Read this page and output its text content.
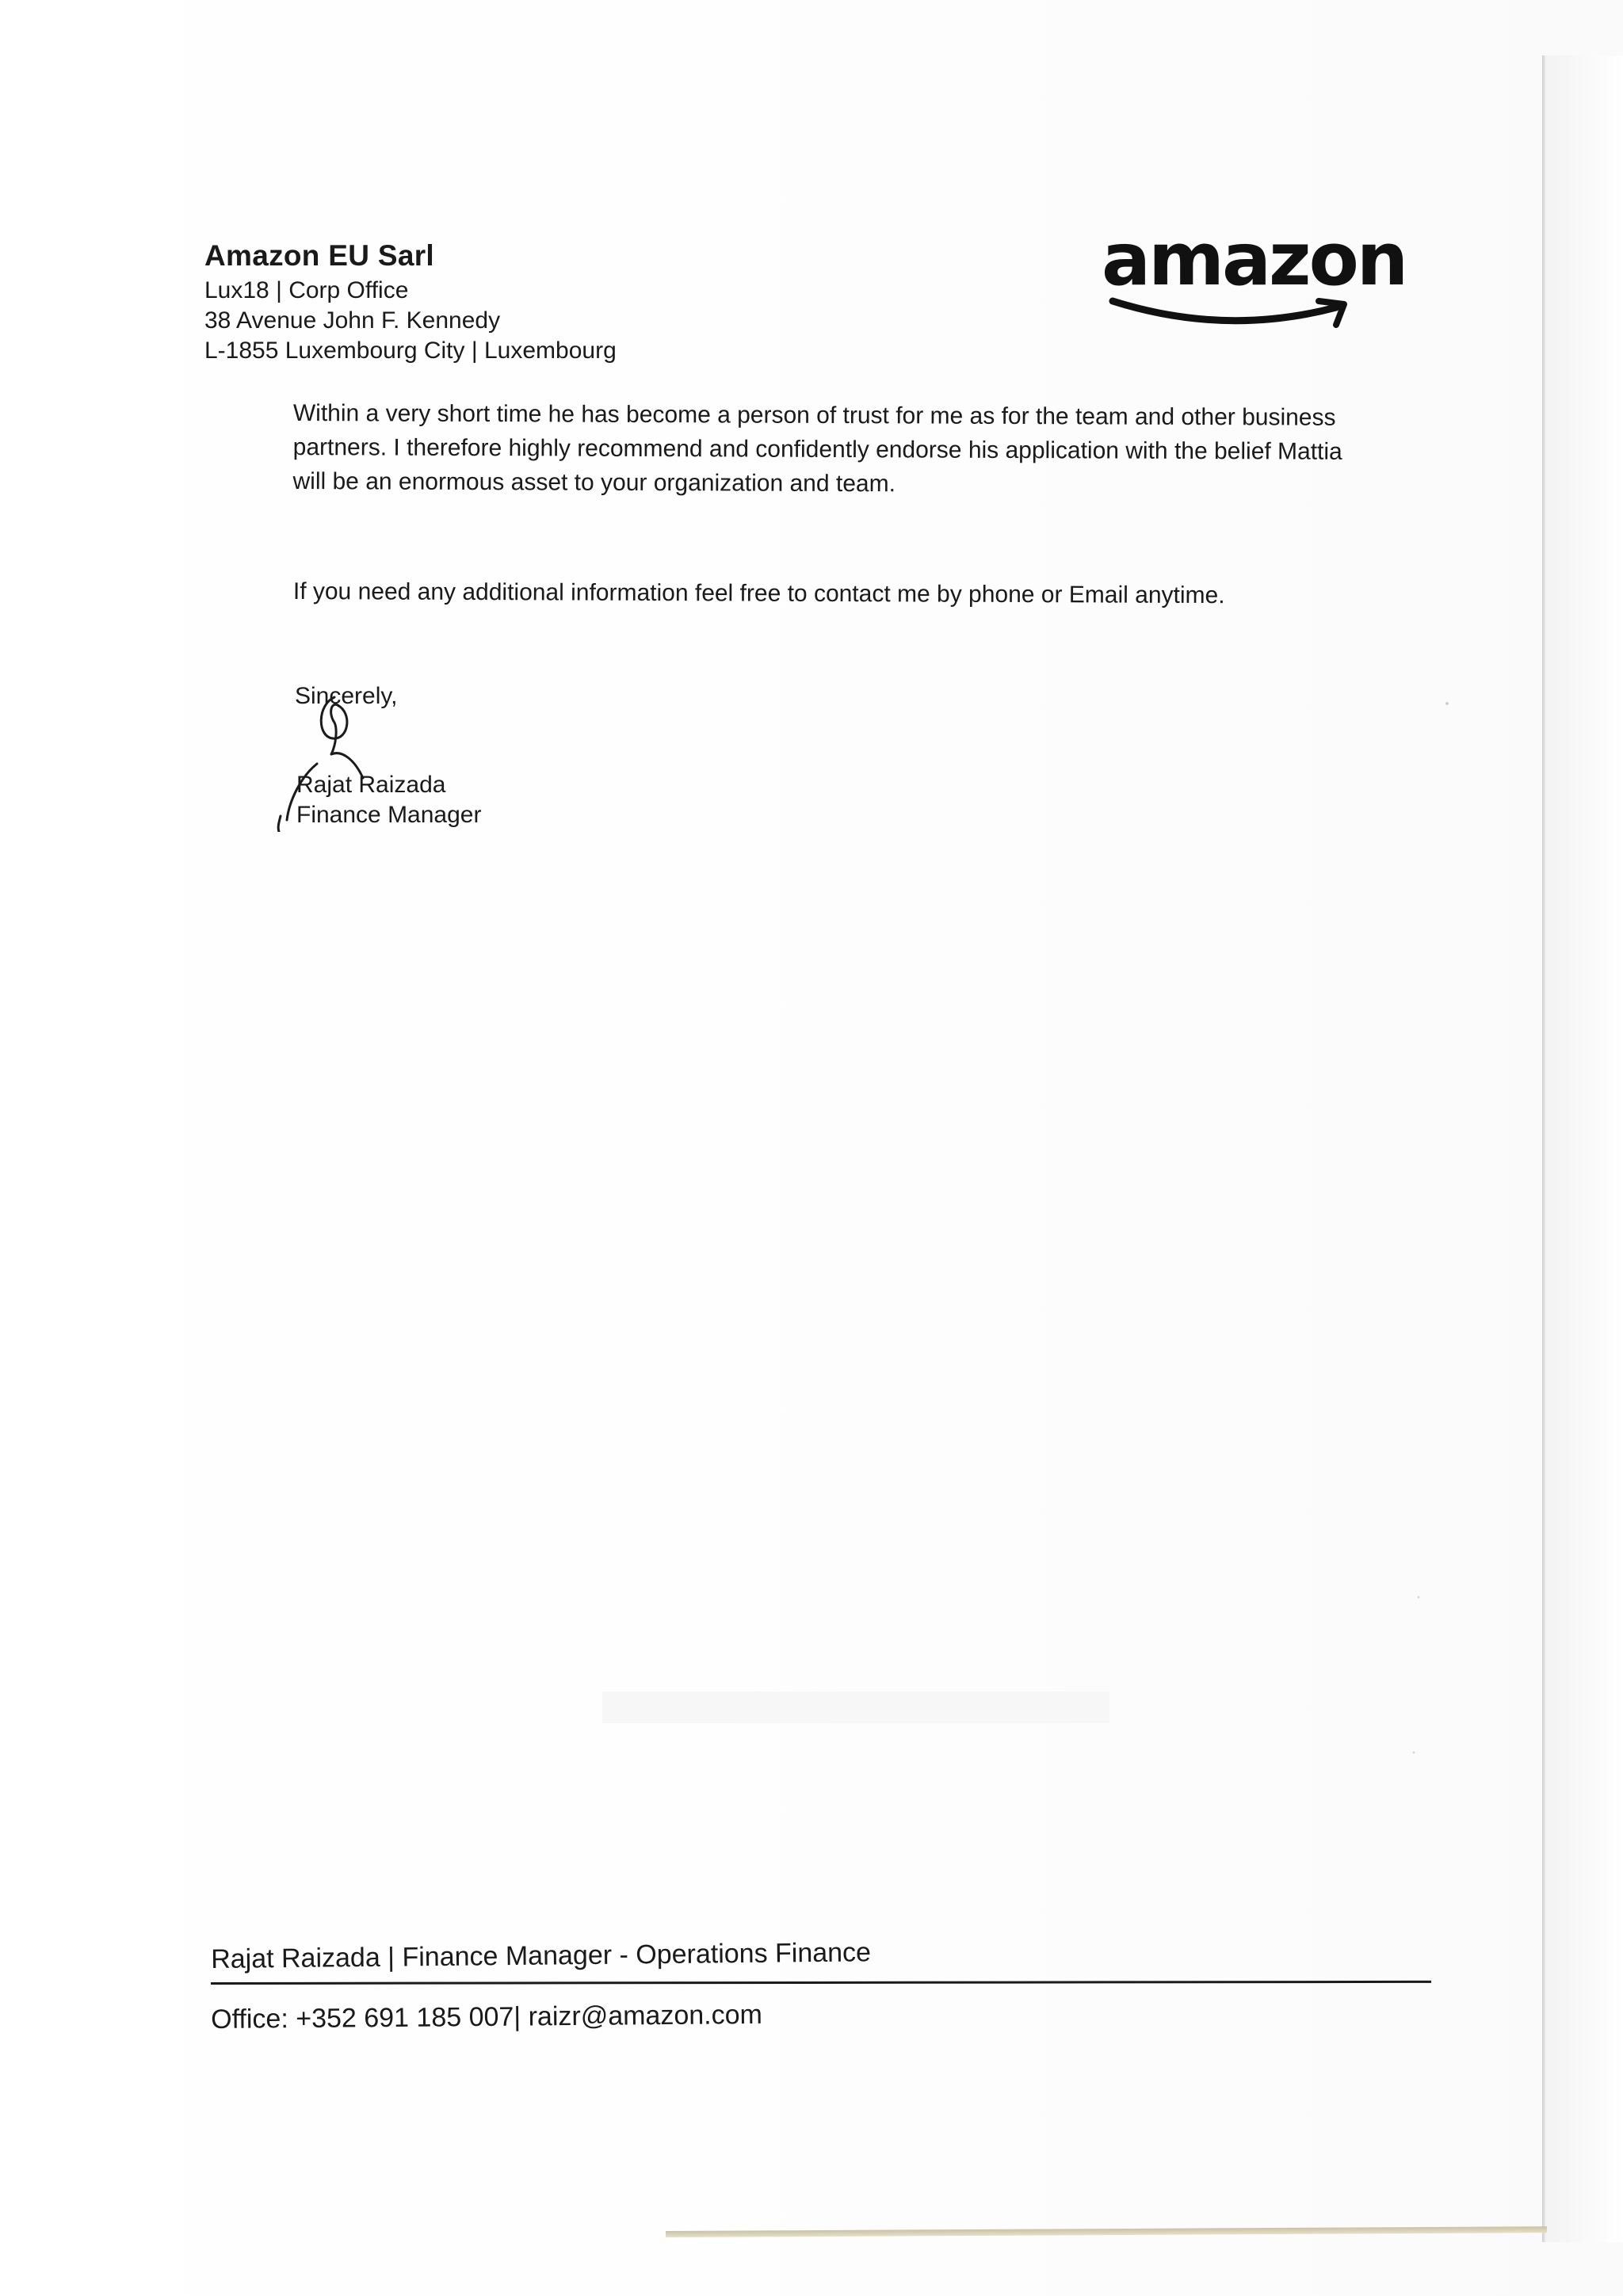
Amazon EU Sarl
Lux18 | Corp Office
38 Avenue John F. Kennedy
L-1855 Luxembourg City | Luxembourg
amazon
Within a very short time he has become a person of trust for me as for the team and other business partners. I therefore highly recommend and confidently endorse his application with the belief Mattia will be an enormous asset to your organization and team.
If you need any additional information feel free to contact me by phone or Email anytime.
Sincerely,
Rajat Raizada
Finance Manager
Rajat Raizada | Finance Manager - Operations Finance
Office: +352 691 185 007| raizr@amazon.com
